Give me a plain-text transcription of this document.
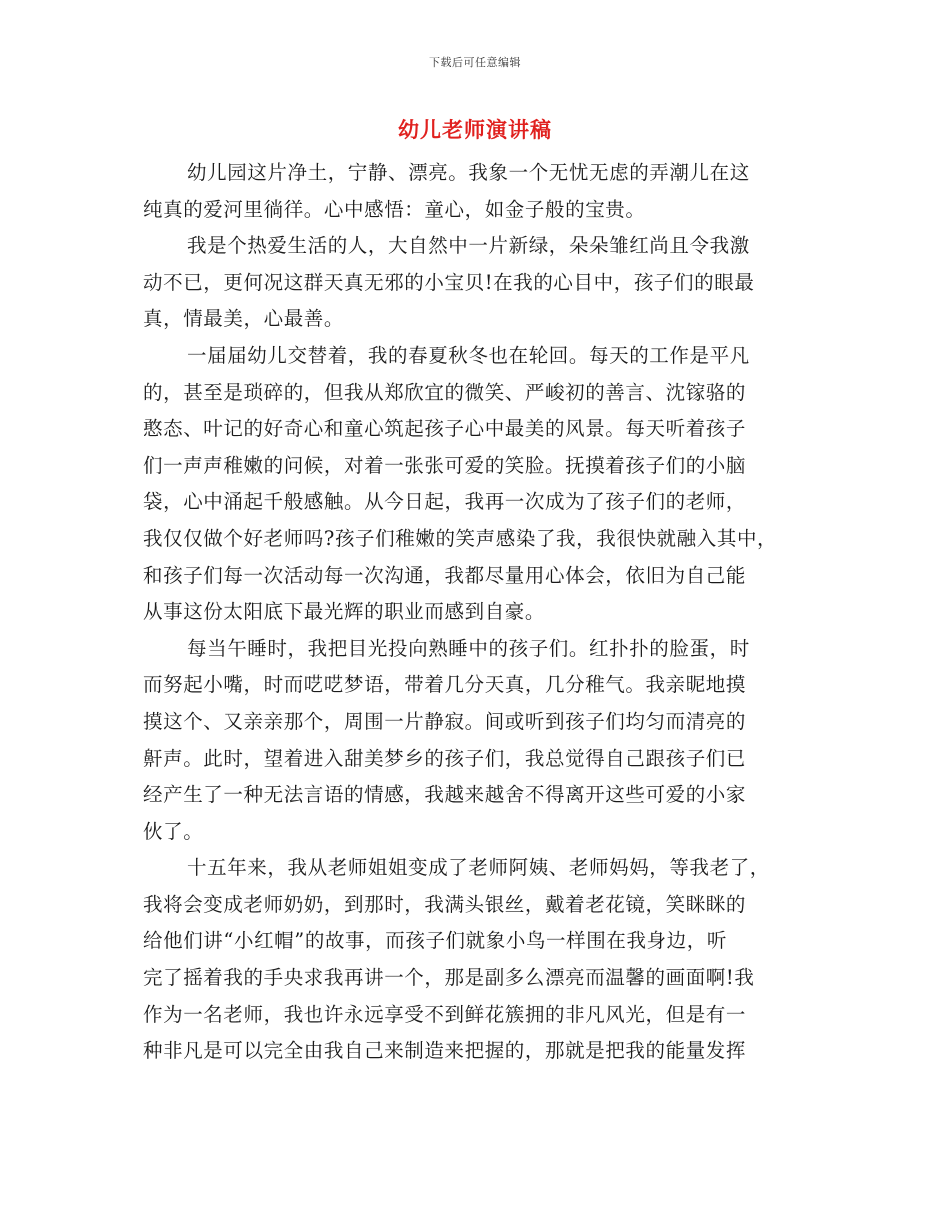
下载后可任意编辑
幼儿老师演讲稿
幼儿园这片净土，宁静、漂亮。我象一个无忧无虑的弄潮儿在这
纯真的爱河里徜徉。心中感悟：童心，如金子般的宝贵。
我是个热爱生活的人，大自然中一片新绿，朵朵雏红尚且令我激
动不已，更何况这群天真无邪的小宝贝!在我的心目中，孩子们的眼最
真，情最美，心最善。
一届届幼儿交替着，我的春夏秋冬也在轮回。每天的工作是平凡
的，甚至是琐碎的，但我从郑欣宜的微笑、严峻初的善言、沈镓骆的
憨态、叶记的好奇心和童心筑起孩子心中最美的风景。每天听着孩子
们一声声稚嫩的问候，对着一张张可爱的笑脸。抚摸着孩子们的小脑
袋，心中涌起千般感触。从今日起，我再一次成为了孩子们的老师，
我仅仅做个好老师吗?孩子们稚嫩的笑声感染了我，我很快就融入其中，
和孩子们每一次活动每一次沟通，我都尽量用心体会，依旧为自己能
从事这份太阳底下最光辉的职业而感到自豪。
每当午睡时，我把目光投向熟睡中的孩子们。红扑扑的脸蛋，时
而努起小嘴，时而呓呓梦语，带着几分天真，几分稚气。我亲昵地摸
摸这个、又亲亲那个，周围一片静寂。间或听到孩子们均匀而清亮的
鼾声。此时，望着进入甜美梦乡的孩子们，我总觉得自己跟孩子们已
经产生了一种无法言语的情感，我越来越舍不得离开这些可爱的小家
伙了。
十五年来，我从老师姐姐变成了老师阿姨、老师妈妈，等我老了，
我将会变成老师奶奶，到那时，我满头银丝，戴着老花镜，笑眯眯的
给他们讲“小红帽”的故事，而孩子们就象小鸟一样围在我身边，听
完了摇着我的手央求我再讲一个，那是副多么漂亮而温馨的画面啊!我
作为一名老师，我也许永远享受不到鲜花簇拥的非凡风光，但是有一
种非凡是可以完全由我自己来制造来把握的，那就是把我的能量发挥
